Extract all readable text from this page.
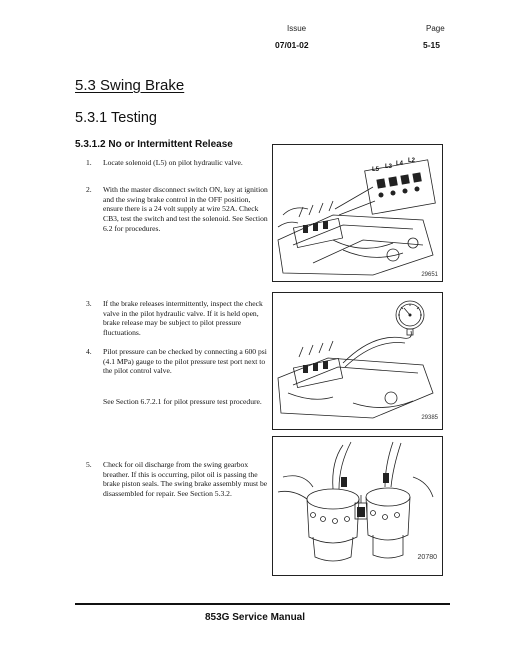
Issue	Page
07/01-02	5-15
5.3 Swing Brake
5.3.1 Testing
5.3.1.2 No or Intermittent Release
1. Locate solenoid (L5) on pilot hydraulic valve.
2. With the master disconnect switch ON, key at ignition and the swing brake control in the OFF position, ensure there is a 24 volt supply at wire 52A. Check CB3, test the switch and test the solenoid. See Section 6.2 for procedures.
3. If the brake releases intermittently, inspect the check valve in the pilot hydraulic valve. If it is held open, brake release may be subject to pilot pressure fluctuations.
4. Pilot pressure can be checked by connecting a 600 psi (4.1 MPa) gauge to the pilot pressure test port next to the pilot control valve.
See Section 6.7.2.1 for pilot pressure test procedure.
5. Check for oil discharge from the swing gearbox breather. If this is occurring, pilot oil is passing the brake piston seals. The swing brake assembly must be disassembled for repair. See Section 5.3.2.
L5 L3 L4 L2
29651
29385
20780
853G Service Manual
